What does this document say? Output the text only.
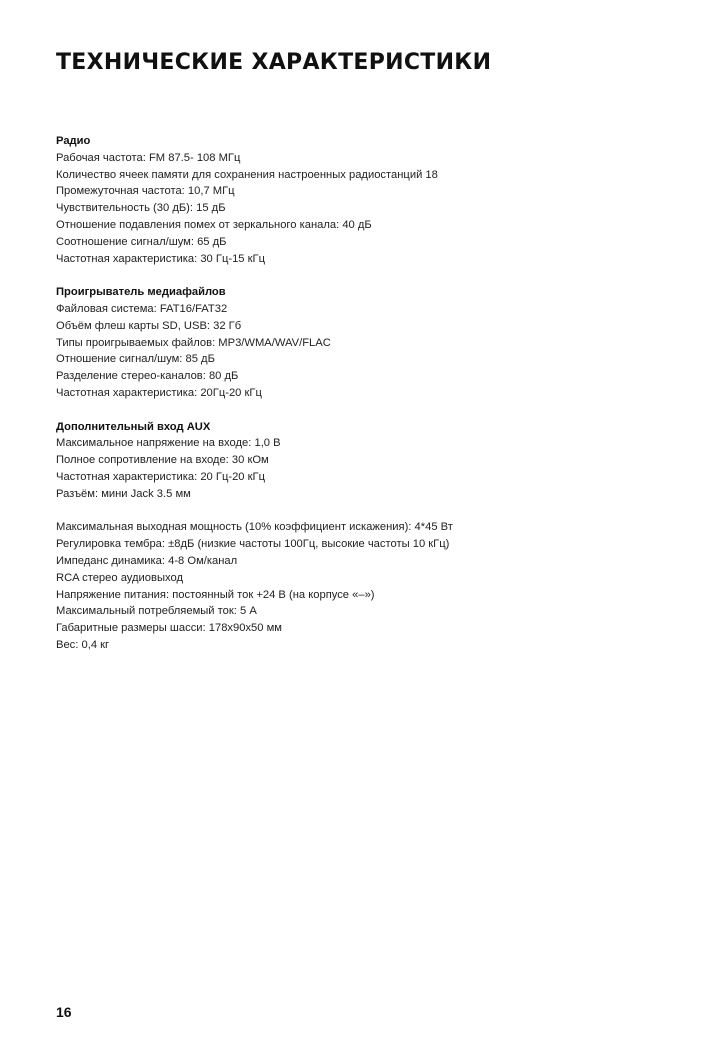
ТЕХНИЧЕСКИЕ ХАРАКТЕРИСТИКИ

Радио

Рабочая частота: FM 87.5- 108 МГц

Количество ячеек памяти для сохранения настроенных радиостанций 18

Промежуточная частота: 10,7 МГц

Чувствительность (30 дБ): 15 дБ

Отношение подавления помех от зеркального канала: 40 дБ

Соотношение сигнал/шум: 65 дБ

Частотная характеристика: 30 Гц-15 кГц

Проигрыватель медиафайлов

Файловая система: FAT16/FAT32

Объём флеш карты SD, USB: 32 Гб

Типы проигрываемых файлов: MP3/WMA/WAV/FLAC

Отношение сигнал/шум: 85 дБ

Разделение стерео-каналов: 80 дБ

Частотная характеристика: 20Гц-20 кГц

Дополнительный вход AUX

Максимальное напряжение на входе: 1,0 В

Полное сопротивление на входе: 30 кОм

Частотная характеристика: 20 Гц-20 кГц

Разъём: мини Jack 3.5 мм

Максимальная выходная мощность (10% коэффициент искажения): 4*45 Вт

Регулировка тембра: ±8дБ (низкие частоты 100Гц, высокие частоты 10 кГц)

Импеданс динамика: 4-8 Ом/канал

RCA стерео аудиовыход

Напряжение питания: постоянный ток +24 В (на корпусе «–»)

Максимальный потребляемый ток: 5 А

Габаритные размеры шасси: 178x90x50 мм

Вес: 0,4 кг

16
